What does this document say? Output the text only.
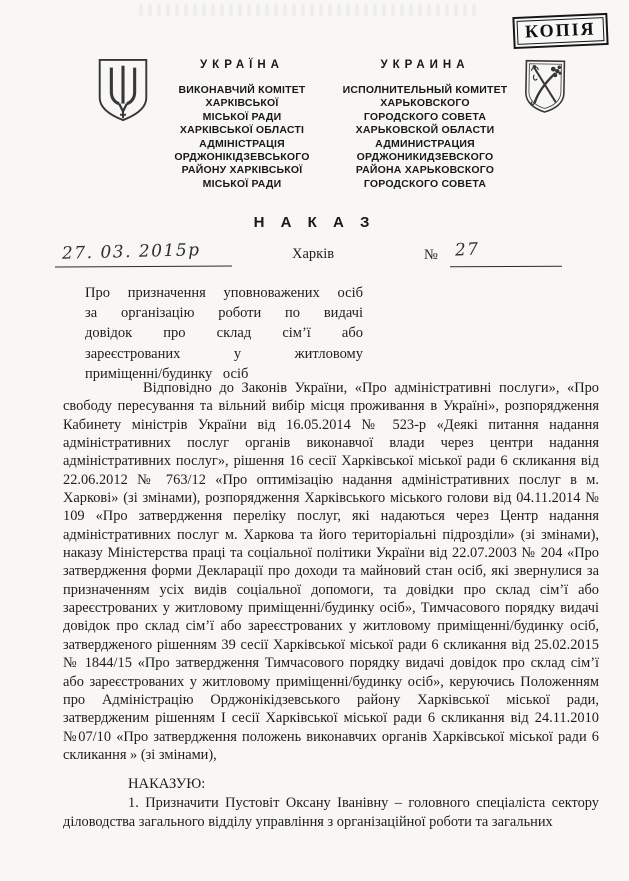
КОПІЯ
УКРАЇНА
ВИКОНАВЧИЙ КОМІТЕТ
ХАРКІВСЬКОЇ
МІСЬКОЇ РАДИ
ХАРКІВСЬКОЇ ОБЛАСТІ
АДМІНІСТРАЦІЯ
ОРДЖОНІКІДЗЕВСЬКОГО
РАЙОНУ ХАРКІВСЬКОЇ
МІСЬКОЇ РАДИ
УКРАИНА
ИСПОЛНИТЕЛЬНЫЙ КОМИТЕТ
ХАРЬКОВСКОГО
ГОРОДСКОГО СОВЕТА
ХАРЬКОВСКОЙ ОБЛАСТИ
АДМИНИСТРАЦИЯ
ОРДЖОНИКИДЗЕВСКОГО
РАЙОНА ХАРЬКОВСКОГО
ГОРОДСКОГО СОВЕТА
Н А К А З
27. 03. 2015р	Харків	№ 27
Про призначення уповноважених осіб за організацію роботи по видачі довідок про склад сім’ї або зареєстрованих у житловому приміщенні/будинку осіб

Відповідно до Законів України, «Про адміністративні послуги», «Про свободу пересування та вільний вибір місця проживання в Україні», розпорядження Кабинету міністрів України від 16.05.2014 № 523-р «Деякі питання надання адміністративних послуг органів виконавчої влади через центри надання адміністративних послуг», рішення 16 сесії Харківської міської ради 6 скликання від 22.06.2012 № 763/12 «Про оптимізацію надання адміністративних послуг в м. Харкові» (зі змінами), розпорядження Харківського міського голови від 04.11.2014 № 109 «Про затвердження переліку послуг, які надаються через Центр надання адміністративних послуг м. Харкова та його територіальні підрозділи» (зі змінами), наказу Міністерства праці та соціальної політики України від 22.07.2003 № 204 «Про затвердження форми Декларації про доходи та майновий стан осіб, які звернулися за призначенням усіх видів соціальної допомоги, та довідки про склад сім’ї або зареєстрованих у житловому приміщенні/будинку осіб», Тимчасового порядку видачі довідок про склад сім’ї або зареєстрованих у житловому приміщенні/будинку осіб, затвердженого рішенням 39 сесії Харківської міської ради 6 скликання від 25.02.2015 № 1844/15 «Про затвердження Тимчасового порядку видачі довідок про склад сім’ї або зареєстрованих у житловому приміщенні/будинку осіб», керуючись Положенням про Адміністрацію Орджонікідзевського району Харківської міської ради, затвердженим рішенням I сесії Харківської міської ради 6 скликання від 24.11.2010 №07/10 «Про затвердження положень виконавчих органів Харківської міської ради 6 скликання » (зі змінами),

НАКАЗУЮ:

1. Призначити Пустовіт Оксану Іванівну – головного спеціаліста сектору діловодства загального відділу управління з організаційної роботи та загальних
